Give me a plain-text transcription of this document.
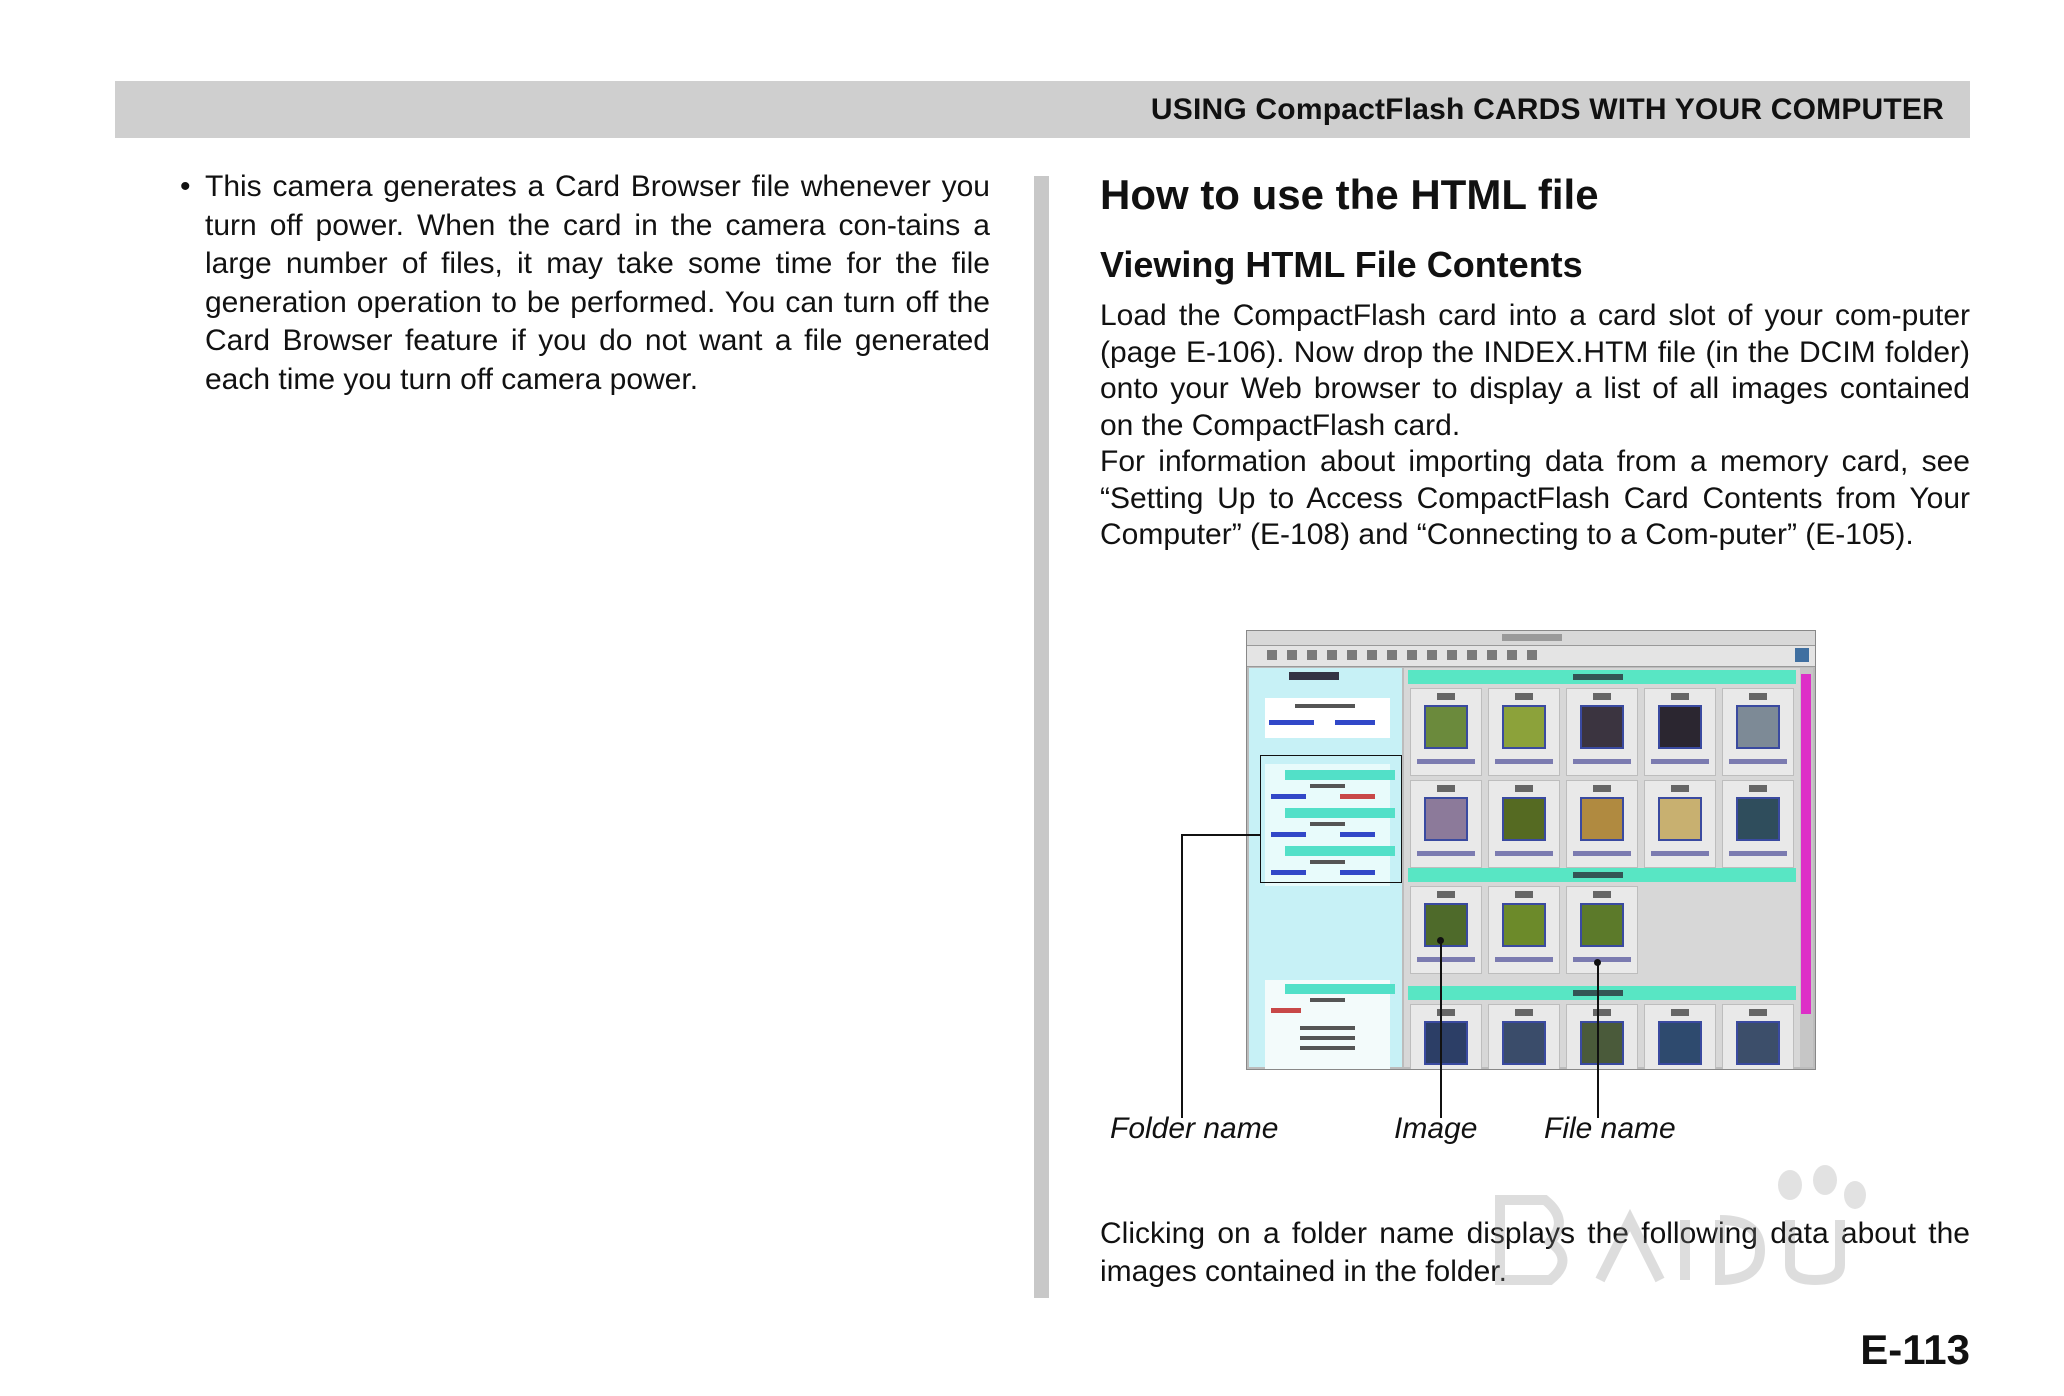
USING CompactFlash CARDS WITH YOUR COMPUTER
• This camera generates a Card Browser file whenever you turn off power. When the card in the camera con-tains a large number of files, it may take some time for the file generation operation to be performed. You can turn off the Card Browser feature if you do not want a file generated each time you turn off camera power.
How to use the HTML file
Viewing HTML File Contents

Load the CompactFlash card into a card slot of your com-puter (page E-106). Now drop the INDEX.HTM file (in the DCIM folder) onto your Web browser to display a list of all images contained on the CompactFlash card.

For information about importing data from a memory card, see “Setting Up to Access CompactFlash Card Contents from Your Computer” (E-108) and “Connecting to a Com-puter” (E-105).

Folder name	Image File name
Clicking on a folder name displays the following data about the images contained in the folder.
E-113
